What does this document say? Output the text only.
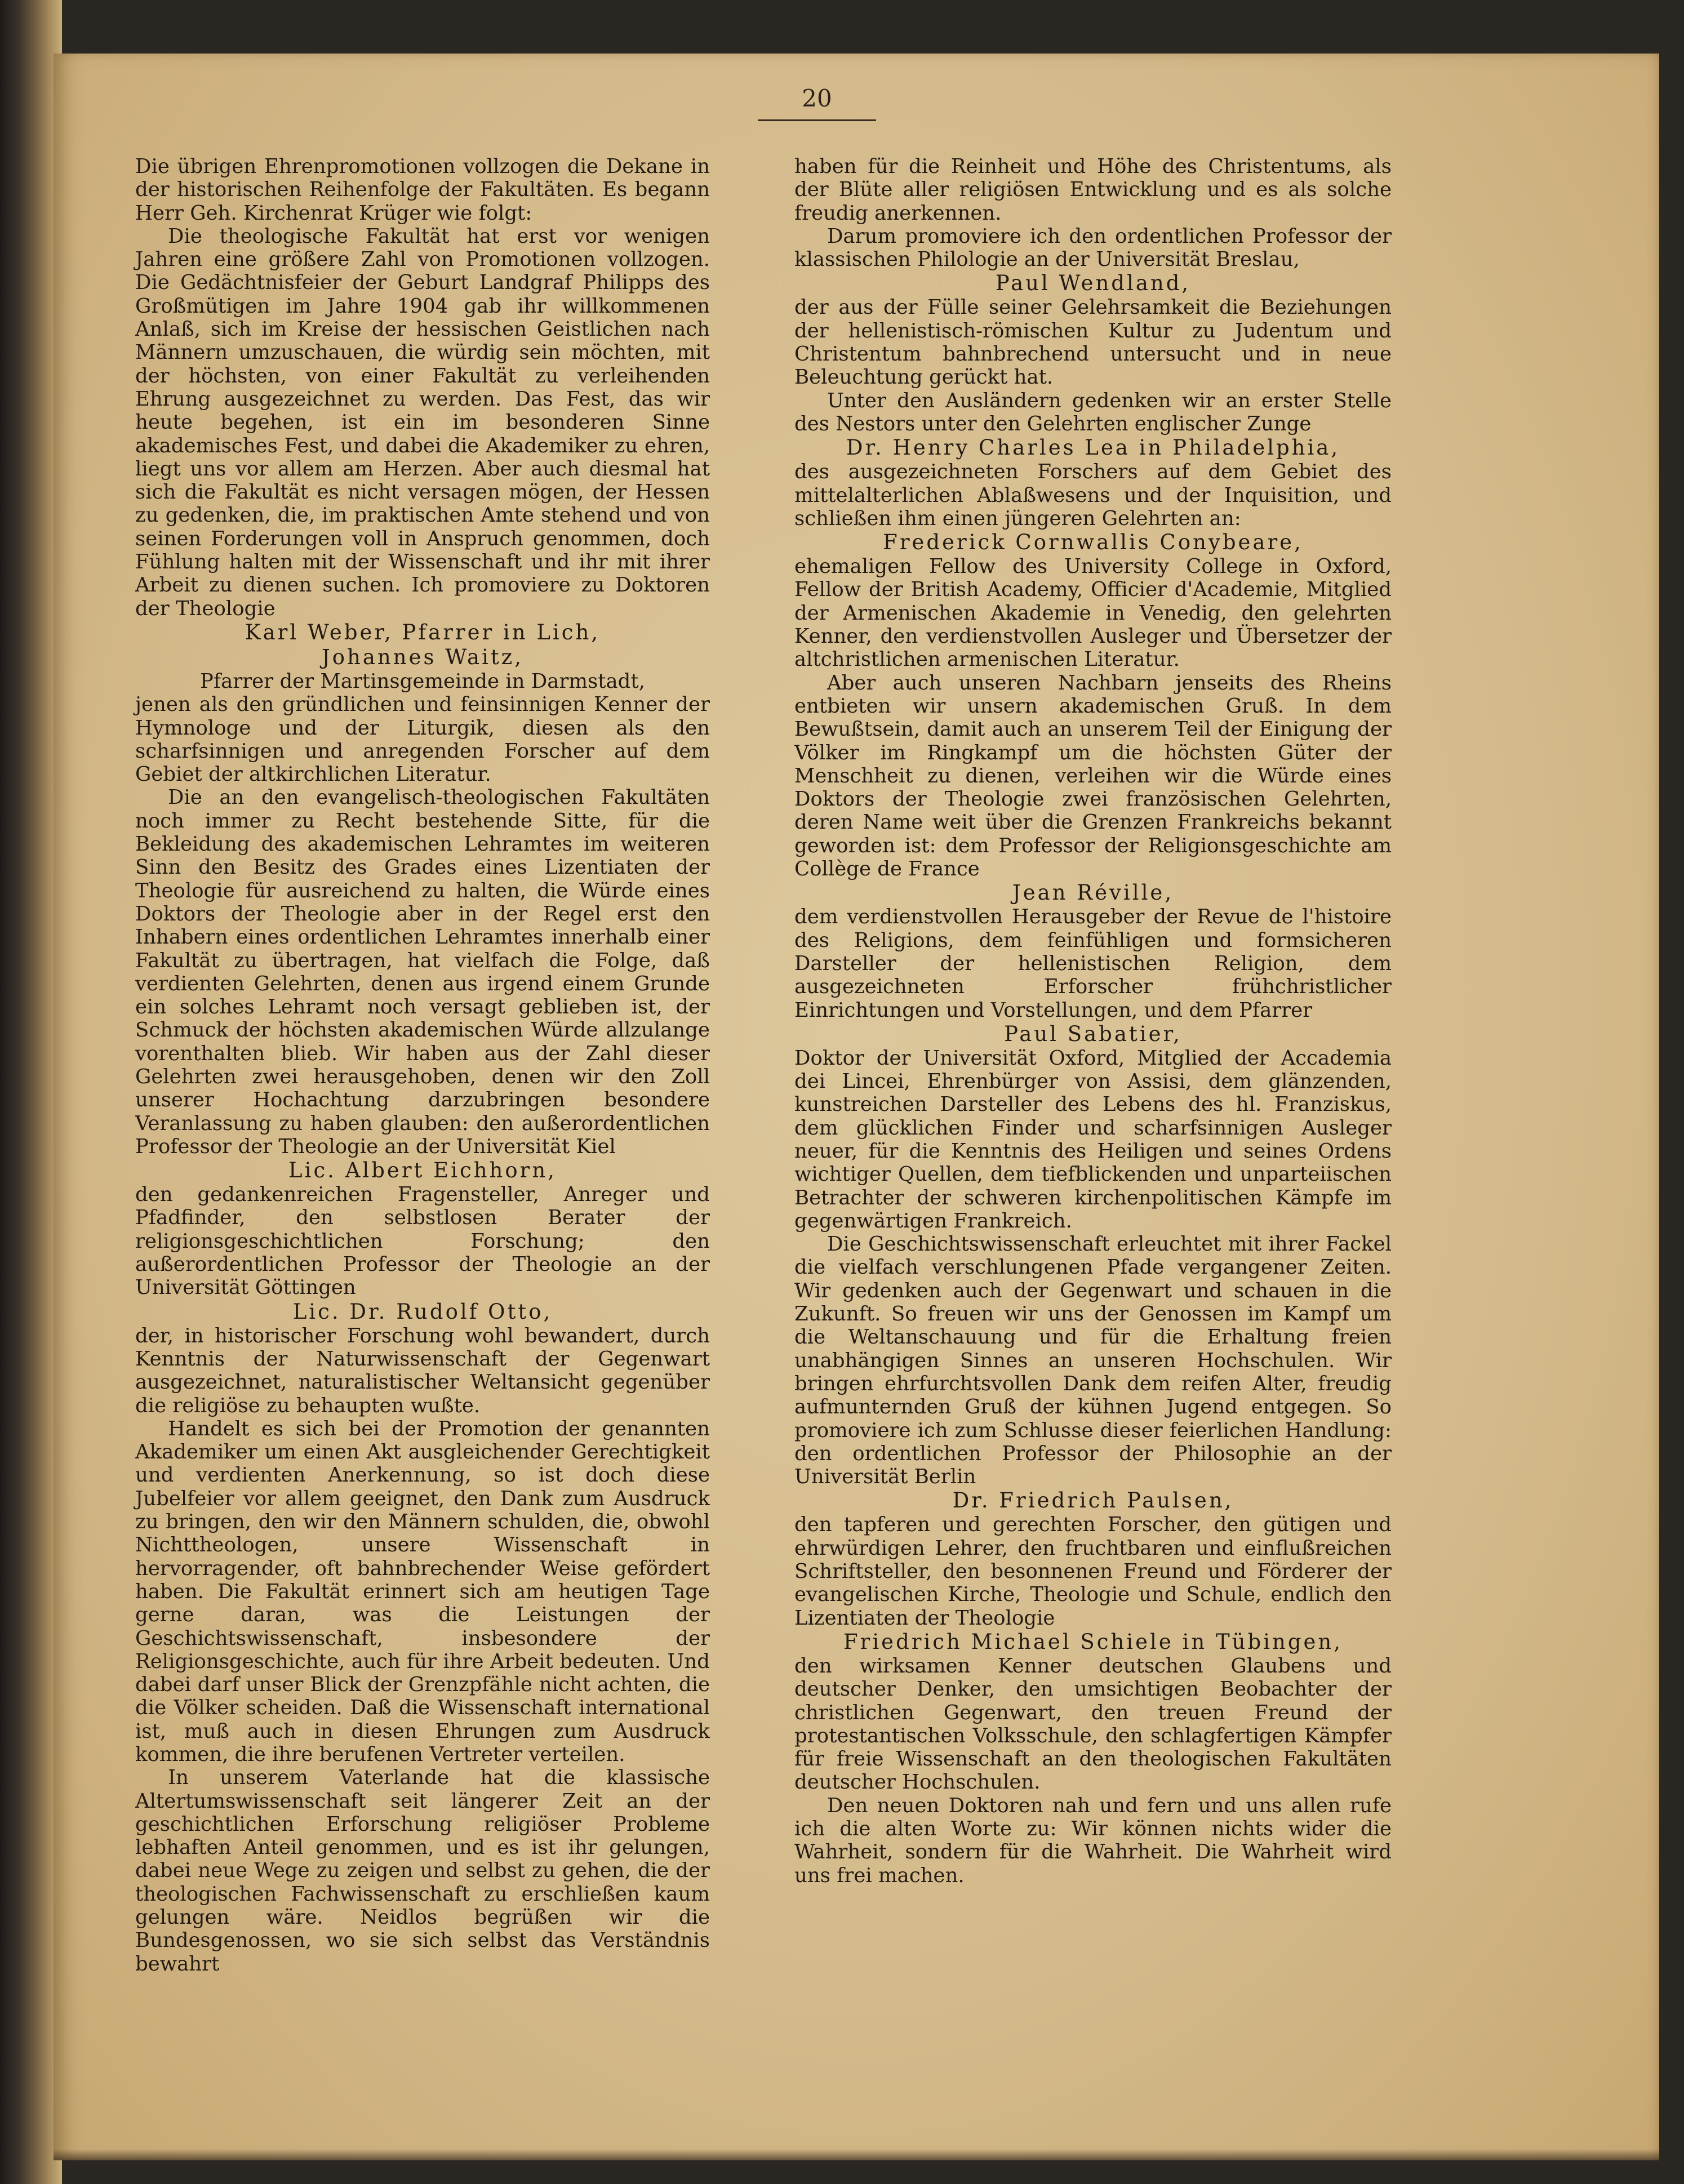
20

Die übrigen Ehrenpromotionen vollzogen die Dekane in der historischen Reihenfolge der Fakultäten. Es begann Herr Geh. Kirchenrat Krüger wie folgt:

Die theologische Fakultät hat erst vor wenigen Jahren eine größere Zahl von Promotionen vollzogen. Die Gedächtnisfeier der Geburt Landgraf Philipps des Großmütigen im Jahre 1904 gab ihr willkommenen Anlaß, sich im Kreise der hessischen Geistlichen nach Männern umzuschauen, die würdig sein möchten, mit der höchsten, von einer Fakultät zu verleihenden Ehrung ausgezeichnet zu werden. Das Fest, das wir heute begehen, ist ein im besonderen Sinne akademisches Fest, und dabei die Akademiker zu ehren, liegt uns vor allem am Herzen. Aber auch diesmal hat sich die Fakultät es nicht versagen mögen, der Hessen zu gedenken, die, im praktischen Amte stehend und von seinen Forderungen voll in Anspruch genommen, doch Fühlung halten mit der Wissenschaft und ihr mit ihrer Arbeit zu dienen suchen. Ich promoviere zu Doktoren der Theologie

Karl Weber, Pfarrer in Lich,

Johannes Waitz,

Pfarrer der Martinsgemeinde in Darmstadt,

jenen als den gründlichen und feinsinnigen Kenner der Hymnologe und der Liturgik, diesen als den scharfsinnigen und anregenden Forscher auf dem Gebiet der altkirchlichen Literatur.

Die an den evangelisch-theologischen Fakultäten noch immer zu Recht bestehende Sitte, für die Bekleidung des akademischen Lehramtes im weiteren Sinn den Besitz des Grades eines Lizentiaten der Theologie für ausreichend zu halten, die Würde eines Doktors der Theologie aber in der Regel erst den Inhabern eines ordentlichen Lehramtes innerhalb einer Fakultät zu übertragen, hat vielfach die Folge, daß verdienten Gelehrten, denen aus irgend einem Grunde ein solches Lehramt noch versagt geblieben ist, der Schmuck der höchsten akademischen Würde allzulange vorenthalten blieb. Wir haben aus der Zahl dieser Gelehrten zwei herausgehoben, denen wir den Zoll unserer Hochachtung darzubringen besondere Veranlassung zu haben glauben: den außerordentlichen Professor der Theologie an der Universität Kiel

Lic. Albert Eichhorn,

den gedankenreichen Fragensteller, Anreger und Pfadfinder, den selbstlosen Berater der religionsgeschichtlichen Forschung; den außerordentlichen Professor der Theologie an der Universität Göttingen

Lic. Dr. Rudolf Otto,

der, in historischer Forschung wohl bewandert, durch Kenntnis der Naturwissenschaft der Gegenwart ausgezeichnet, naturalistischer Weltansicht gegenüber die religiöse zu behaupten wußte.

Handelt es sich bei der Promotion der genannten Akademiker um einen Akt ausgleichender Gerechtigkeit und verdienten Anerkennung, so ist doch diese Jubelfeier vor allem geeignet, den Dank zum Ausdruck zu bringen, den wir den Männern schulden, die, obwohl Nichttheologen, unsere Wissenschaft in hervorragender, oft bahnbrechender Weise gefördert haben. Die Fakultät erinnert sich am heutigen Tage gerne daran, was die Leistungen der Geschichtswissenschaft, insbesondere der Religionsgeschichte, auch für ihre Arbeit bedeuten. Und dabei darf unser Blick der Grenzpfähle nicht achten, die die Völker scheiden. Daß die Wissenschaft international ist, muß auch in diesen Ehrungen zum Ausdruck kommen, die ihre berufenen Vertreter verteilen.

In unserem Vaterlande hat die klassische Altertumswissenschaft seit längerer Zeit an der geschichtlichen Erforschung religiöser Probleme lebhaften Anteil genommen, und es ist ihr gelungen, dabei neue Wege zu zeigen und selbst zu gehen, die der theologischen Fachwissenschaft zu erschließen kaum gelungen wäre. Neidlos begrüßen wir die Bundesgenossen, wo sie sich selbst das Verständnis bewahrt

haben für die Reinheit und Höhe des Christentums, als der Blüte aller religiösen Entwicklung und es als solche freudig anerkennen.

Darum promoviere ich den ordentlichen Professor der klassischen Philologie an der Universität Breslau,

Paul Wendland,

der aus der Fülle seiner Gelehrsamkeit die Beziehungen der hellenistisch-römischen Kultur zu Judentum und Christentum bahnbrechend untersucht und in neue Beleuchtung gerückt hat.

Unter den Ausländern gedenken wir an erster Stelle des Nestors unter den Gelehrten englischer Zunge

Dr. Henry Charles Lea in Philadelphia,

des ausgezeichneten Forschers auf dem Gebiet des mittelalterlichen Ablaßwesens und der Inquisition, und schließen ihm einen jüngeren Gelehrten an:

Frederick Cornwallis Conybeare,

ehemaligen Fellow des University College in Oxford, Fellow der British Academy, Officier d'Academie, Mitglied der Armenischen Akademie in Venedig, den gelehrten Kenner, den verdienstvollen Ausleger und Übersetzer der altchristlichen armenischen Literatur.

Aber auch unseren Nachbarn jenseits des Rheins entbieten wir unsern akademischen Gruß. In dem Bewußtsein, damit auch an unserem Teil der Einigung der Völker im Ringkampf um die höchsten Güter der Menschheit zu dienen, verleihen wir die Würde eines Doktors der Theologie zwei französischen Gelehrten, deren Name weit über die Grenzen Frankreichs bekannt geworden ist: dem Professor der Religionsgeschichte am Collège de France

Jean Réville,

dem verdienstvollen Herausgeber der Revue de l'histoire des Religions, dem feinfühligen und formsicheren Darsteller der hellenistischen Religion, dem ausgezeichneten Erforscher frühchristlicher Einrichtungen und Vorstellungen, und dem Pfarrer

Paul Sabatier,

Doktor der Universität Oxford, Mitglied der Accademia dei Lincei, Ehrenbürger von Assisi, dem glänzenden, kunstreichen Darsteller des Lebens des hl. Franziskus, dem glücklichen Finder und scharfsinnigen Ausleger neuer, für die Kenntnis des Heiligen und seines Ordens wichtiger Quellen, dem tiefblickenden und unparteiischen Betrachter der schweren kirchenpolitischen Kämpfe im gegenwärtigen Frankreich.

Die Geschichtswissenschaft erleuchtet mit ihrer Fackel die vielfach verschlungenen Pfade vergangener Zeiten. Wir gedenken auch der Gegenwart und schauen in die Zukunft. So freuen wir uns der Genossen im Kampf um die Weltanschauung und für die Erhaltung freien unabhängigen Sinnes an unseren Hochschulen. Wir bringen ehrfurchtsvollen Dank dem reifen Alter, freudig aufmunternden Gruß der kühnen Jugend entgegen. So promoviere ich zum Schlusse dieser feierlichen Handlung: den ordentlichen Professor der Philosophie an der Universität Berlin

Dr. Friedrich Paulsen,

den tapferen und gerechten Forscher, den gütigen und ehrwürdigen Lehrer, den fruchtbaren und einflußreichen Schriftsteller, den besonnenen Freund und Förderer der evangelischen Kirche, Theologie und Schule, endlich den Lizentiaten der Theologie

Friedrich Michael Schiele in Tübingen,

den wirksamen Kenner deutschen Glaubens und deutscher Denker, den umsichtigen Beobachter der christlichen Gegenwart, den treuen Freund der protestantischen Volksschule, den schlagfertigen Kämpfer für freie Wissenschaft an den theologischen Fakultäten deutscher Hochschulen.

Den neuen Doktoren nah und fern und uns allen rufe ich die alten Worte zu: Wir können nichts wider die Wahrheit, sondern für die Wahrheit. Die Wahrheit wird uns frei machen.
